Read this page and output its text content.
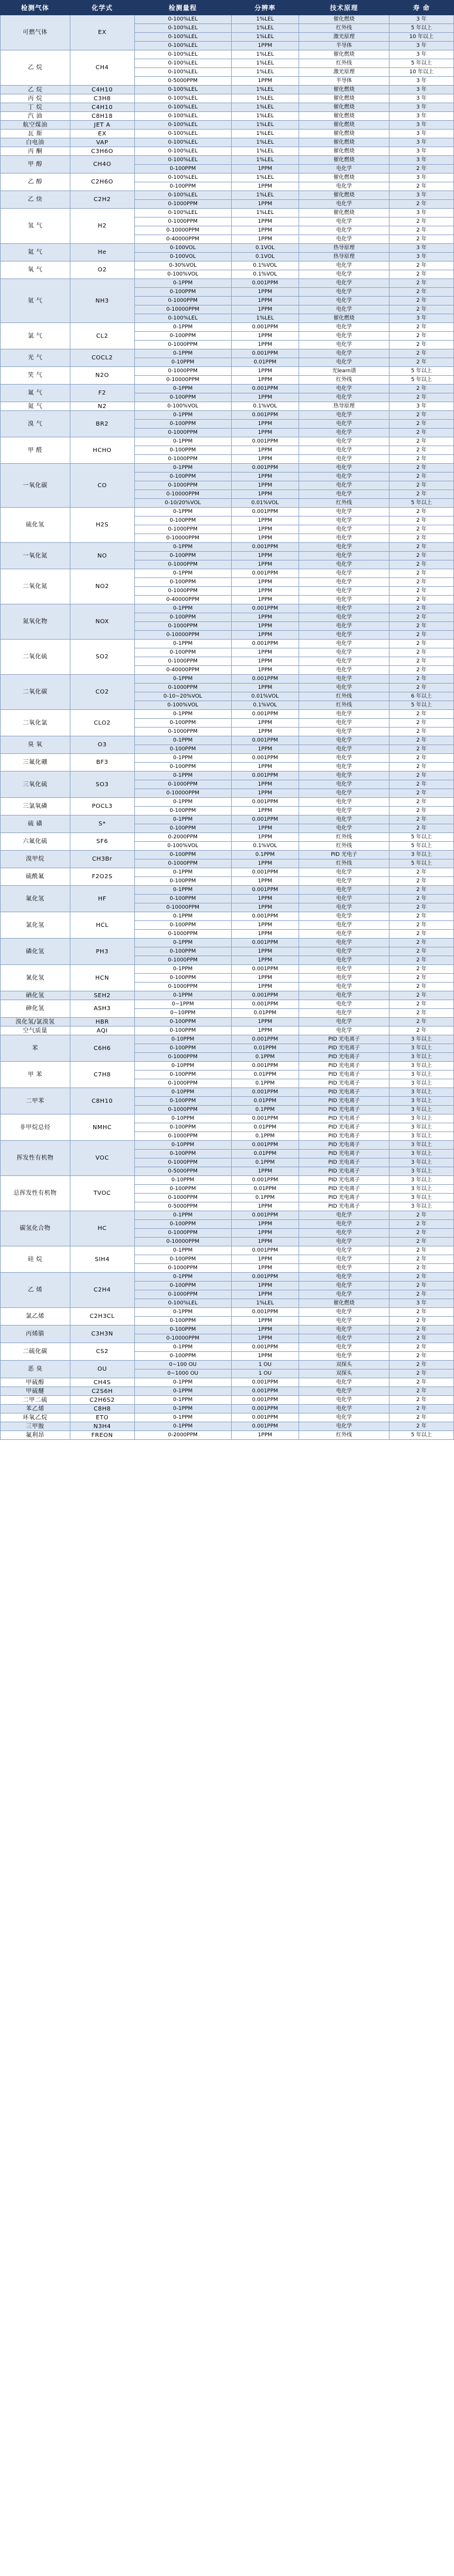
检测气体	化学式	检测量程	分辨率	技术原理	寿 命
可燃气体	EX	0-100%LEL	1%LEL	催化燃烧	3 年
		0-100%LEL	1%LEL	红外线	5 年以上
		0-100%LEL	1%LEL	激光原理	10 年以上
		0-100%LEL	1PPM	半导体	3 年
乙 烷	CH4	0-100%LEL	1%LEL	催化燃烧	3 年
		0-100%LEL	1%LEL	红外线	5 年以上
		0-100%LEL	1%LEL	激光原理	10 年以上
		0-5000PPM	1PPM	半导体	3 年
乙 烷	C4H10	0-100%LEL	1%LEL	催化燃烧	3 年
丙 烷	C3H8	0-100%LEL	1%LEL	催化燃烧	3 年
丁 烷	C4H10	0-100%LEL	1%LEL	催化燃烧	3 年
汽 油	C8H18	0-100%LEL	1%LEL	催化燃烧	3 年
航空煤油	JET A	0-100%LEL	1%LEL	催化燃烧	3 年
瓦 斯	EX	0-100%LEL	1%LEL	催化燃烧	3 年
白电油	VAP	0-100%LEL	1%LEL	催化燃烧	3 年
丙 酮	C3H6O	0-100%LEL	1%LEL	催化燃烧	3 年
甲 醇	CH4O	0-100%LEL	1%LEL	催化燃烧	3 年
		0-100PPM	1PPM	电化学	2 年
乙 醇	C2H6O	0-100%LEL	1%LEL	催化燃烧	3 年
		0-100PPM	1PPM	电化学	2 年
乙 炔	C2H2	0-100%LEL	1%LEL	催化燃烧	3 年
		0-1000PPM	1PPM	电化学	2 年
氢 气	H2	0-100%LEL	1%LEL	催化燃烧	3 年
		0-1000PPM	1PPM	电化学	2 年
		0-10000PPM	1PPM	电化学	2 年
		0-40000PPM	1PPM	电化学	2 年
氦 气	He	0-100VOL	0.1VOL	热导原理	3 年
		0-100VOL	0.1VOL	热导原理	3 年
氧 气	O2	0-30%VOL	0.1%VOL	电化学	2 年
		0-100%VOL	0.1%VOL	电化学	2 年
氨 气	NH3	0-1PPM	0.001PPM	电化学	2 年
		0-100PPM	1PPM	电化学	2 年
		0-1000PPM	1PPM	电化学	2 年
		0-10000PPM	1PPM	电化学	2 年
		0-100%LEL	1%LEL	催化燃烧	3 年
氯 气	CL2	0-1PPM	0.001PPM	电化学	2 年
		0-100PPM	1PPM	电化学	2 年
		0-1000PPM	1PPM	电化学	2 年
光 气	COCL2	0-1PPM	0.001PPM	电化学	2 年
		0-10PPM	0.01PPM	电化学	2 年
笑 气	N2O	0-1000PPM	1PPM	光learn谱	5 年以上
		0-10000PPM	1PPM	红外线	5 年以上
氟 气	F2	0-1PPM	0.001PPM	电化学	2 年
		0-100PPM	1PPM	电化学	2 年
氮 气	N2	0-100%VOL	0.1%VOL	热导原理	3 年
溴 气	BR2	0-1PPM	0.001PPM	电化学	2 年
		0-100PPM	1PPM	电化学	2 年
		0-1000PPM	1PPM	电化学	2 年
甲 醛	HCHO	0-1PPM	0.001PPM	电化学	2 年
		0-100PPM	1PPM	电化学	2 年
		0-1000PPM	1PPM	电化学	2 年
一氧化碳	CO	0-1PPM	0.001PPM	电化学	2 年
		0-100PPM	1PPM	电化学	2 年
		0-1000PPM	1PPM	电化学	2 年
		0-10000PPM	1PPM	电化学	2 年
		0-10/20%VOL	0.01%VOL	红外线	5 年以上
硫化氢	H2S	0-1PPM	0.001PPM	电化学	2 年
		0-100PPM	1PPM	电化学	2 年
		0-1000PPM	1PPM	电化学	2 年
		0-10000PPM	1PPM	电化学	2 年
一氧化氮	NO	0-1PPM	0.001PPM	电化学	2 年
		0-100PPM	1PPM	电化学	2 年
		0-1000PPM	1PPM	电化学	2 年
二氧化氮	NO2	0-1PPM	0.001PPM	电化学	2 年
		0-100PPM	1PPM	电化学	2 年
		0-1000PPM	1PPM	电化学	2 年
		0-40000PPM	1PPM	电化学	2 年
氮氧化物	NOX	0-1PPM	0.001PPM	电化学	2 年
		0-100PPM	1PPM	电化学	2 年
		0-1000PPM	1PPM	电化学	2 年
		0-10000PPM	1PPM	电化学	2 年
二氧化硫	SO2	0-1PPM	0.001PPM	电化学	2 年
		0-100PPM	1PPM	电化学	2 年
		0-1000PPM	1PPM	电化学	2 年
		0-40000PPM	1PPM	电化学	2 年
二氧化碳	CO2	0-1PPM	0.001PPM	电化学	2 年
		0-1000PPM	1PPM	电化学	2 年
		0-10~20%VOL	0.01%VOL	红外线	6 年以上
		0-100%VOL	0.1%VOL	红外线	5 年以上
二氧化氯	CLO2	0-1PPM	0.001PPM	电化学	2 年
		0-100PPM	1PPM	电化学	2 年
		0-1000PPM	1PPM	电化学	2 年
臭 氧	O3	0-1PPM	0.001PPM	电化学	2 年
		0-100PPM	1PPM	电化学	2 年
三氟化硼	BF3	0-1PPM	0.001PPM	电化学	2 年
		0-100PPM	1PPM	电化学	2 年
三氧化硫	SO3	0-1PPM	0.001PPM	电化学	2 年
		0-1000PPM	1PPM	电化学	2 年
		0-10000PPM	1PPM	电化学	2 年
三氯氧磷	POCL3	0-1PPM	0.001PPM	电化学	2 年
		0-100PPM	1PPM	电化学	2 年
硫 磺	S*	0-1PPM	0.001PPM	电化学	2 年
		0-100PPM	1PPM	电化学	2 年
六氟化硫	SF6	0-2000PPM	1PPM	红外线	5 年以上
		0-100%VOL	0.1%VOL	红外线	5 年以上
溴甲烷	CH3Br	0-100PPM	0.1PPM	PID 光电子	3 年以上
		0-1000PPM	1PPM	红外线	5 年以上
硫酰氟	F2O2S	0-1PPM	0.001PPM	电化学	2 年
		0-100PPM	1PPM	电化学	2 年
氟化氢	HF	0-1PPM	0.001PPM	电化学	2 年
		0-100PPM	1PPM	电化学	2 年
		0-10000PPM	1PPM	电化学	2 年
氯化氢	HCL	0-1PPM	0.001PPM	电化学	2 年
		0-100PPM	1PPM	电化学	2 年
		0-1000PPM	1PPM	电化学	2 年
磷化氢	PH3	0-1PPM	0.001PPM	电化学	2 年
		0-100PPM	1PPM	电化学	2 年
		0-1000PPM	1PPM	电化学	2 年
氰化氢	HCN	0-1PPM	0.001PPM	电化学	2 年
		0-100PPM	1PPM	电化学	2 年
		0-1000PPM	1PPM	电化学	2 年
硒化氢	SEH2	0-1PPM	0.001PPM	电化学	2 年
砷化氢	ASH3	0~1PPM	0.001PPM	电化学	2 年
		0~10PPM	0.01PPM	电化学	2 年
溴化氢/氯溴氢	HBR	0-100PPM	1PPM	电化学	2 年
空气质量	AQI	0-100PPM	1PPM	电化学	2 年
苯	C6H6	0-10PPM	0.001PPM	PID 光电离子	3 年以上
		0-100PPM	0.01PPM	PID 光电离子	3 年以上
		0-1000PPM	0.1PPM	PID 光电离子	3 年以上
甲 苯	C7H8	0-10PPM	0.001PPM	PID 光电离子	3 年以上
		0-100PPM	0.01PPM	PID 光电离子	3 年以上
		0-1000PPM	0.1PPM	PID 光电离子	3 年以上
二甲苯	C8H10	0-10PPM	0.001PPM	PID 光电离子	3 年以上
		0-100PPM	0.01PPM	PID 光电离子	3 年以上
		0-1000PPM	0.1PPM	PID 光电离子	3 年以上
非甲烷总烃	NMHC	0-10PPM	0.001PPM	PID 光电离子	3 年以上
		0-100PPM	0.01PPM	PID 光电离子	3 年以上
		0-1000PPM	0.1PPM	PID 光电离子	3 年以上
挥发性有机物	VOC	0-10PPM	0.001PPM	PID 光电离子	3 年以上
		0-100PPM	0.01PPM	PID 光电离子	3 年以上
		0-1000PPM	0.1PPM	PID 光电离子	3 年以上
		0-5000PPM	1PPM	PID 光电离子	3 年以上
总挥发性有机物	TVOC	0-10PPM	0.001PPM	PID 光电离子	3 年以上
		0-100PPM	0.01PPM	PID 光电离子	3 年以上
		0-1000PPM	0.1PPM	PID 光电离子	3 年以上
		0-5000PPM	1PPM	PID 光电离子	3 年以上
碳氢化合物	HC	0-1PPM	0.001PPM	电化学	2 年
		0-100PPM	1PPM	电化学	2 年
		0-1000PPM	1PPM	电化学	2 年
		0-10000PPM	1PPM	电化学	2 年
硅 烷	SIH4	0-1PPM	0.001PPM	电化学	2 年
		0-100PPM	1PPM	电化学	2 年
		0-1000PPM	1PPM	电化学	2 年
乙 烯	C2H4	0-1PPM	0.001PPM	电化学	2 年
		0-100PPM	1PPM	电化学	2 年
		0-1000PPM	1PPM	电化学	2 年
		0-100%LEL	1%LEL	催化燃烧	3 年
氯乙烯	C2H3CL	0-1PPM	0.001PPM	电化学	2 年
		0-100PPM	1PPM	电化学	2 年
丙烯腈	C3H3N	0-100PPM	1PPM	电化学	2 年
		0-10000PPM	1PPM	电化学	2 年
二硫化碳	CS2	0-1PPM	0.001PPM	电化学	2 年
		0-100PPM	1PPM	电化学	2 年
恶 臭	OU	0~100 OU	1 OU	双探头	2 年
		0~1000 OU	1 OU	双探头	2 年
甲硫醇	CH4S	0-1PPM	0.001PPM	电化学	2 年
甲硫醚	C2S6H	0-1PPM	0.001PPM	电化学	2 年
二甲二硫	C2H6S2	0-1PPM	0.001PPM	电化学	2 年
苯乙烯	C8H8	0-1PPM	0.001PPM	电化学	2 年
环氧乙烷	ETO	0-1PPM	0.001PPM	电化学	2 年
三甲胺	N3H4	0-1PPM	0.001PPM	电化学	2 年
氟利昂	FREON	0-2000PPM	1PPM	红外线	5 年以上
